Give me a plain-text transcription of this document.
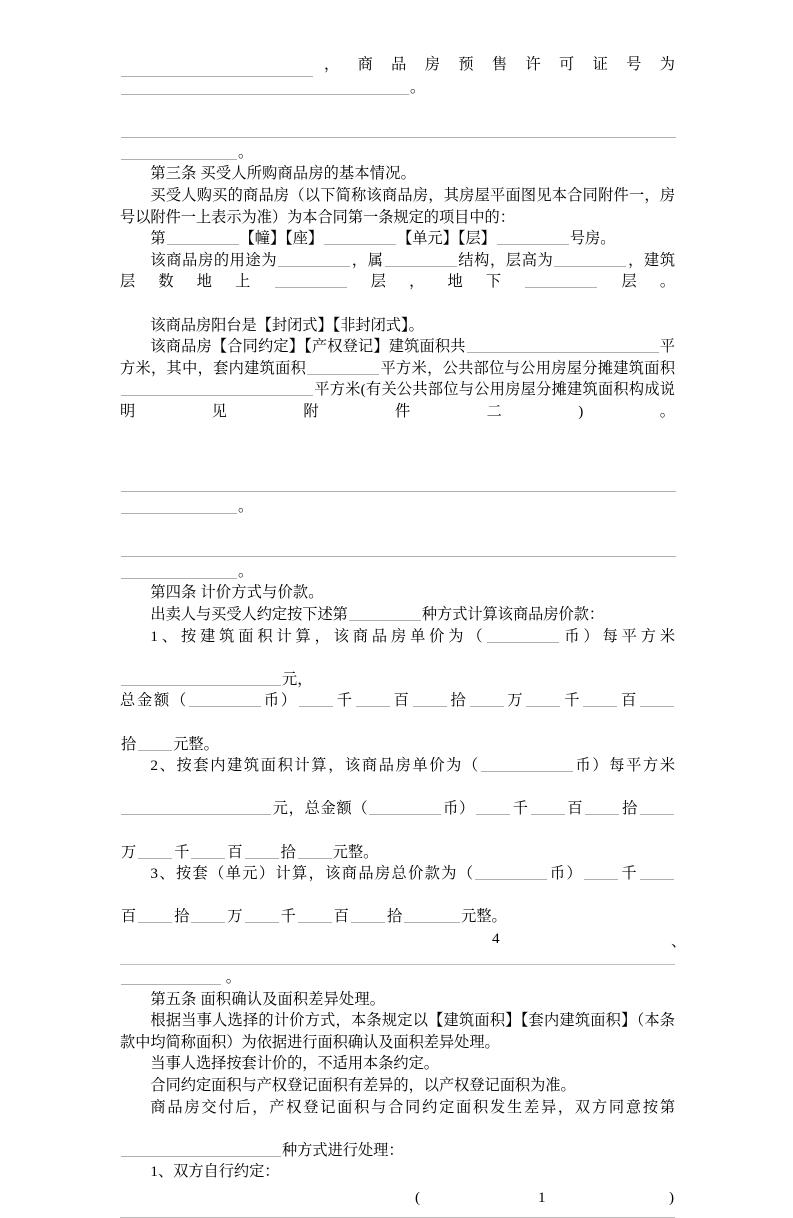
， 商 品 房 预 售 许 可 证 号 为
。
。

第三条 买受人所购商品房的基本情况。

买受人购买的商品房（以下简称该商品房，其房屋平面图见本合同附件一，房号以附件一上表示为准）为本合同第一条规定的项目中的：

第	【幢】【座】	【单元】【层】	号房。

该商品房的用途为	，属	结构，层高为	，建筑层数地上	层，地下	层。

该商品房阳台是【封闭式】【非封闭式】。

该商品房【合同约定】【产权登记】建筑面积共	平方米，其中，套内建筑面积	平方米，公共部位与公用房屋分摊建筑面积平方米(有关公共部位与公用房屋分摊建筑面积构成说明见附件二)。

。
。

第四条 计价方式与价款。

出卖人与买受人约定按下述第	种方式计算该商品房价款：

1、按建筑面积计算，该商品房单价为（	币）每平方米

元，

总金额（	币） 千	百	拾	万	千	百

拾 元整。

2、按套内建筑面积计算，该商品房单价为（	币）每平方米

元，总金额（	币） 千	百	拾

万	千	百	拾 元整。

3、按套（单元）计算，该商品房总价款为（	币） 千

百	拾	万	千	百	拾	元整。

4	、
。

第五条 面积确认及面积差异处理。

根据当事人选择的计价方式，本条规定以【建筑面积】【套内建筑面积】（本条款中均简称面积）为依据进行面积确认及面积差异处理。

当事人选择按套计价的，不适用本条约定。

合同约定面积与产权登记面积有差异的，以产权登记面积为准。

商品房交付后，产权登记面积与合同约定面积发生差异，双方同意按第

种方式进行处理：

1、双方自行约定：

(	1	)
